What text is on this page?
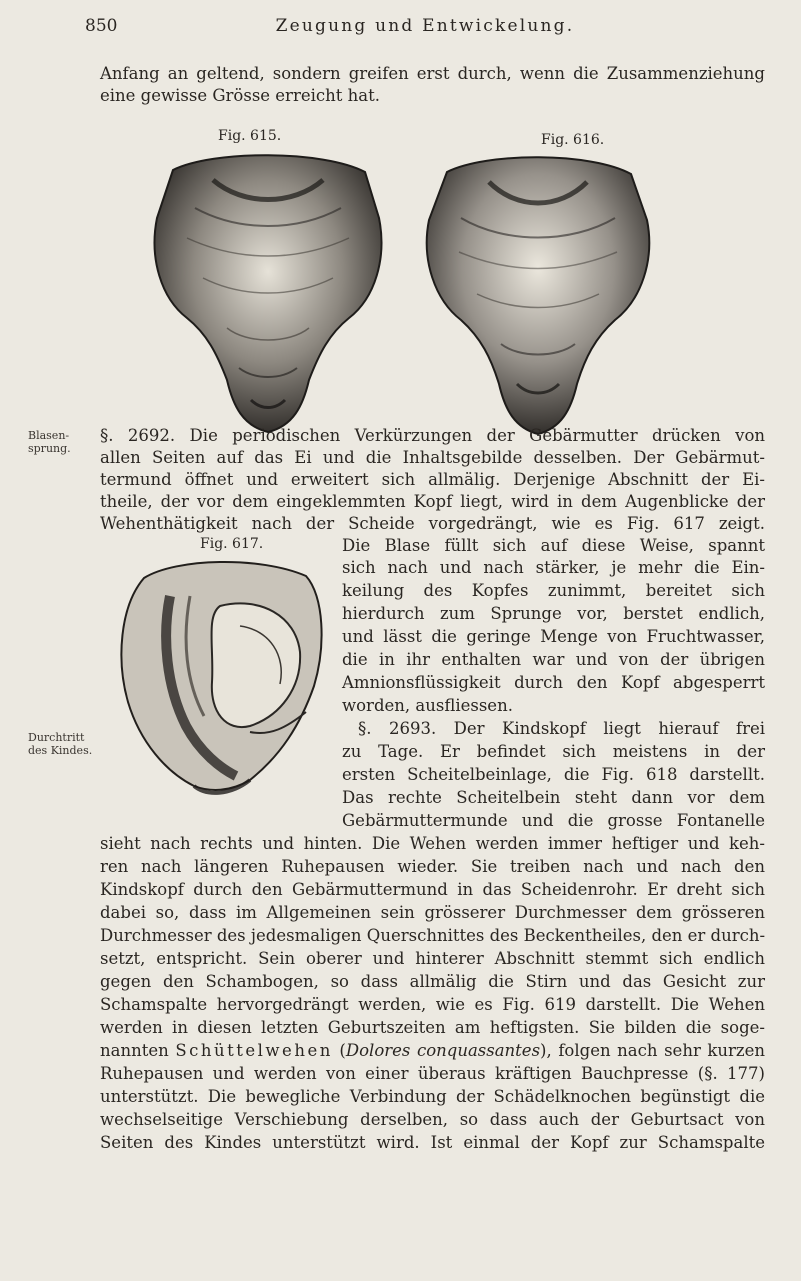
850	Zeugung und Entwickelung.
Anfang an geltend, sondern greifen erst durch, wenn die Zusammenziehung
eine gewisse Grösse erreicht hat.
Fig. 615.	Fig. 616.
Blasen-
sprung.
§. 2692. Die periodischen Verkürzungen der Gebärmutter drücken von
allen Seiten auf das Ei und die Inhaltsgebilde desselben. Der Gebärmut-
termund öffnet und erweitert sich allmälig. Derjenige Abschnitt der Ei-
theile, der vor dem eingeklemmten Kopf liegt, wird in dem Augenblicke der
Wehenthätigkeit nach der Scheide vorgedrängt, wie es Fig. 617 zeigt.
Fig. 617.
Durchtritt
des Kindes.
Die Blase füllt sich auf diese Weise, spannt
sich nach und nach stärker, je mehr die Ein-
keilung des Kopfes zunimmt, bereitet sich
hierdurch zum Sprunge vor, berstet endlich,
und lässt die geringe Menge von Fruchtwasser,
die in ihr enthalten war und von der übrigen
Amnionsflüssigkeit durch den Kopf abgesperrt
worden, ausfliessen.
§. 2693. Der Kindskopf liegt hierauf frei
zu Tage. Er befindet sich meistens in der
ersten Scheitelbeinlage, die Fig. 618 darstellt.
Das rechte Scheitelbein steht dann vor dem
Gebärmuttermunde und die grosse Fontanelle
sieht nach rechts und hinten. Die Wehen werden immer heftiger und keh-
ren nach längeren Ruhepausen wieder. Sie treiben nach und nach den
Kindskopf durch den Gebärmuttermund in das Scheidenrohr. Er dreht sich
dabei so, dass im Allgemeinen sein grösserer Durchmesser dem grösseren
Durchmesser des jedesmaligen Querschnittes des Beckentheiles, den er durch-
setzt, entspricht. Sein oberer und hinterer Abschnitt stemmt sich endlich
gegen den Schambogen, so dass allmälig die Stirn und das Gesicht zur
Schamspalte hervorgedrängt werden, wie es Fig. 619 darstellt. Die Wehen
werden in diesen letzten Geburtszeiten am heftigsten. Sie bilden die soge-
nannten Schüttelwehen (Dolores conquassantes), folgen nach sehr kurzen
Ruhepausen und werden von einer überaus kräftigen Bauchpresse (§. 177)
unterstützt. Die bewegliche Verbindung der Schädelknochen begünstigt die
wechselseitige Verschiebung derselben, so dass auch der Geburtsact von
Seiten des Kindes unterstützt wird. Ist einmal der Kopf zur Schamspalte
